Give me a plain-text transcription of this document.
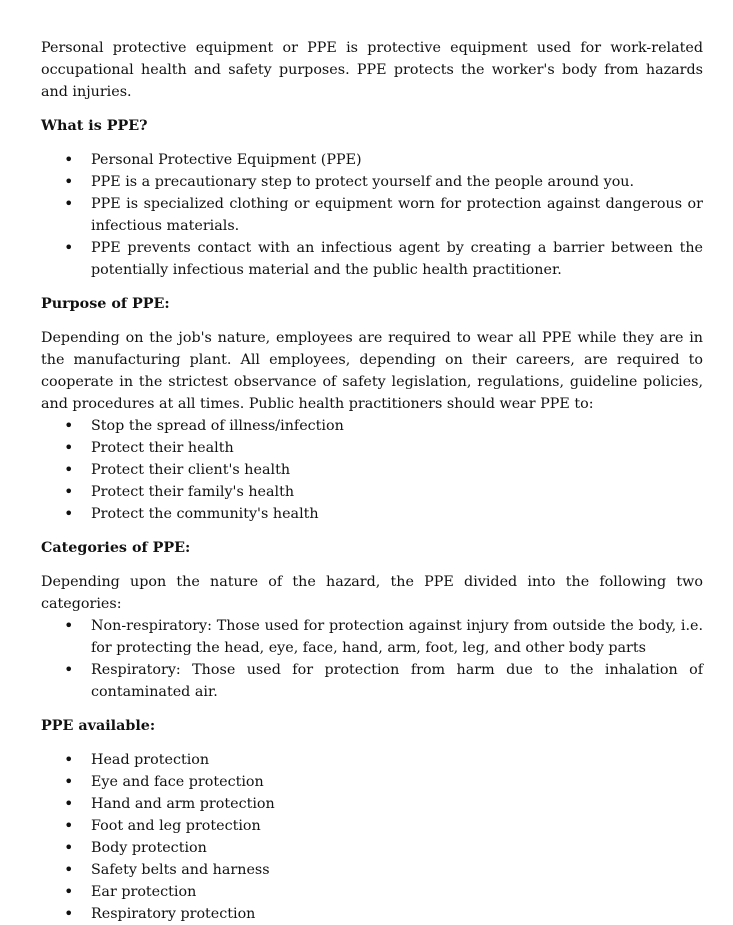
Personal protective equipment or PPE is protective equipment used for work-related occupational health and safety purposes. PPE protects the worker's body from hazards and injuries.

What is PPE?
• Personal Protective Equipment (PPE)
• PPE is a precautionary step to protect yourself and the people around you.
• PPE is specialized clothing or equipment worn for protection against dangerous or infectious materials.
• PPE prevents contact with an infectious agent by creating a barrier between the potentially infectious material and the public health practitioner.
Purpose of PPE:

Depending on the job's nature, employees are required to wear all PPE while they are in the manufacturing plant. All employees, depending on their careers, are required to cooperate in the strictest observance of safety legislation, regulations, guideline policies, and procedures at all times. Public health practitioners should wear PPE to:

• Stop the spread of illness/infection
• Protect their health
• Protect their client's health
• Protect their family's health
• Protect the community's health
Categories of PPE:

Depending upon the nature of the hazard, the PPE divided into the following two categories:

• Non-respiratory: Those used for protection against injury from outside the body, i.e. for protecting the head, eye, face, hand, arm, foot, leg, and other body parts
• Respiratory: Those used for protection from harm due to the inhalation of contaminated air.
PPE available:
• Head protection
• Eye and face protection
• Hand and arm protection
• Foot and leg protection
• Body protection
• Safety belts and harness
• Ear protection
• Respiratory protection
